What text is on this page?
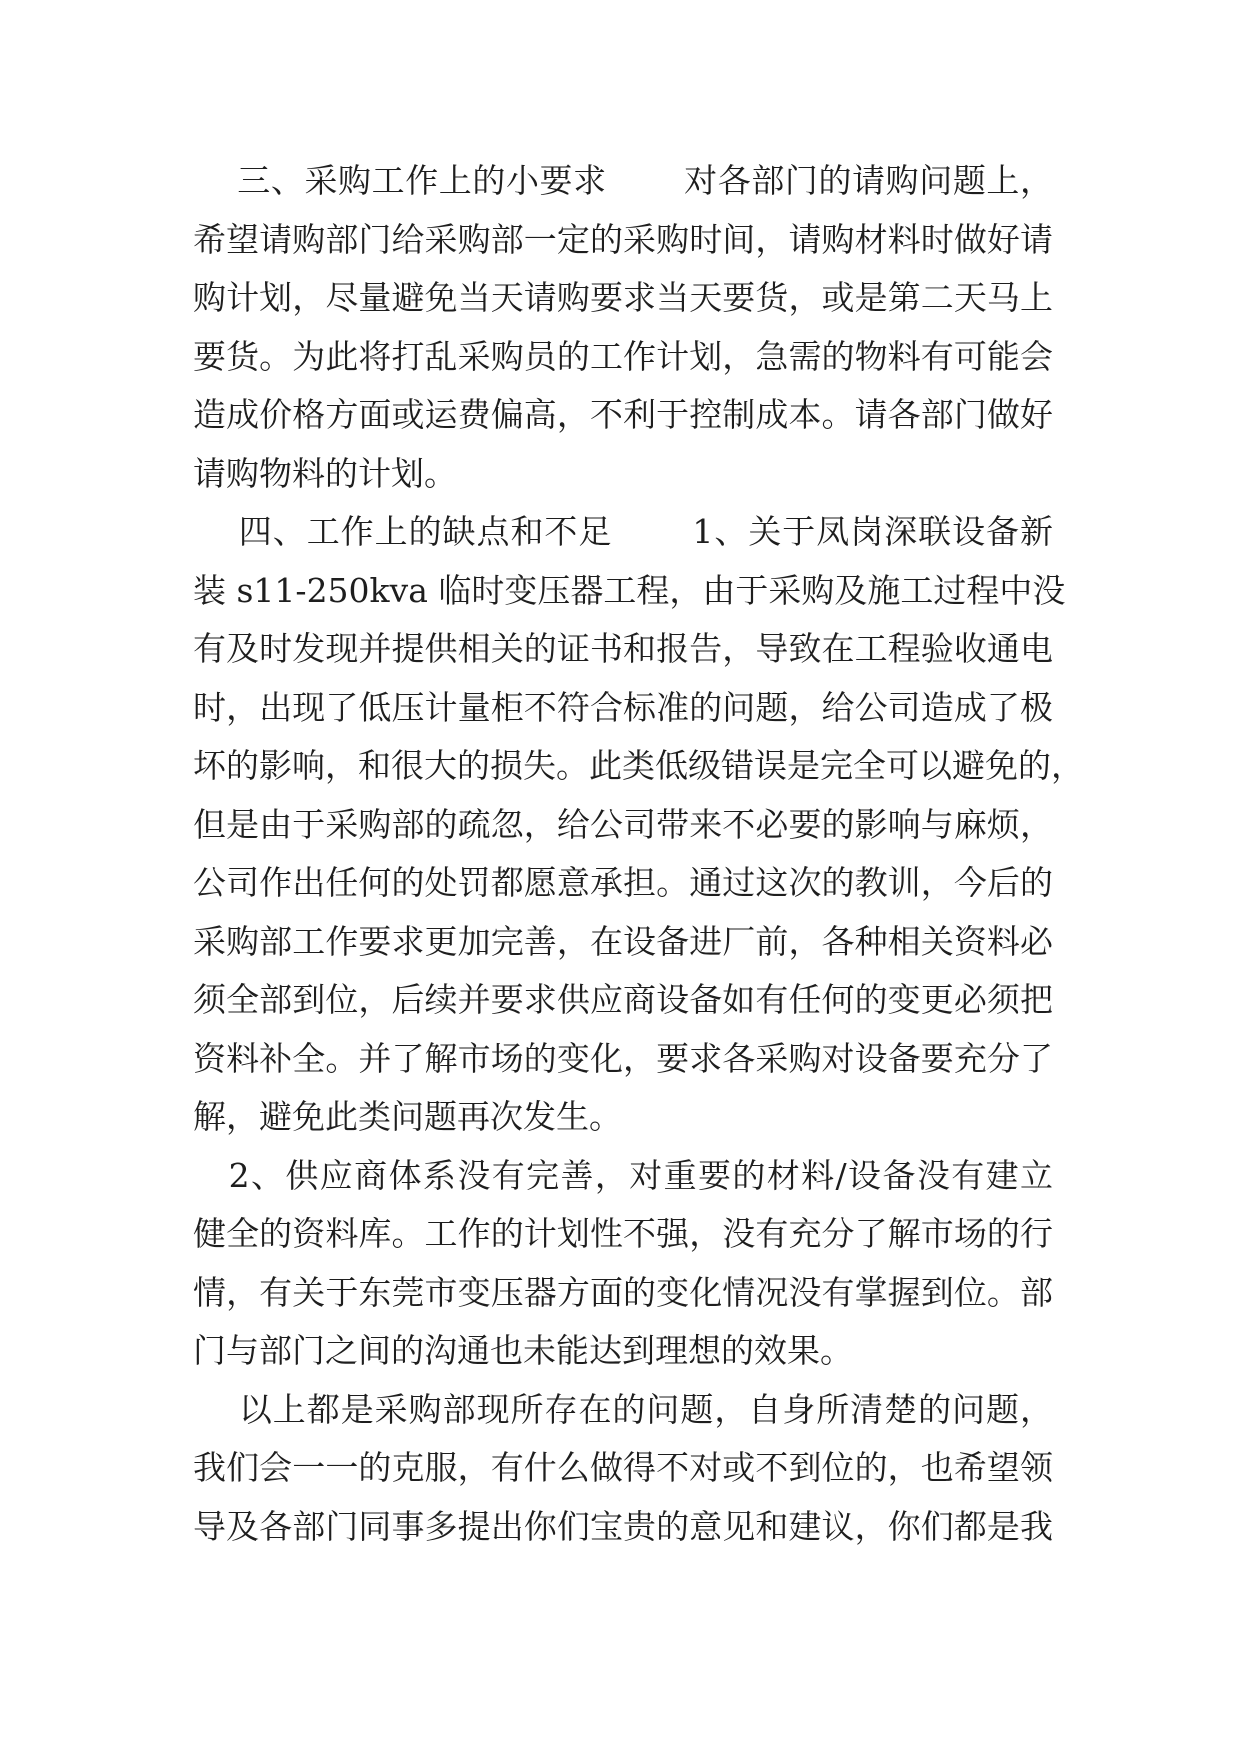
三、采购工作上的小要求       对各部门的请购问题上，
希望请购部门给采购部一定的采购时间，请购材料时做好请
购计划，尽量避免当天请购要求当天要货，或是第二天马上
要货。为此将打乱采购员的工作计划，急需的物料有可能会
造成价格方面或运费偏高，不利于控制成本。请各部门做好
请购物料的计划。
四、工作上的缺点和不足       1、关于凤岗深联设备新
装 s11-250kva 临时变压器工程，由于采购及施工过程中没
有及时发现并提供相关的证书和报告，导致在工程验收通电
时，出现了低压计量柜不符合标准的问题，给公司造成了极
坏的影响，和很大的损失。此类低级错误是完全可以避免的，
但是由于采购部的疏忽，给公司带来不必要的影响与麻烦，
公司作出任何的处罚都愿意承担。通过这次的教训，今后的
采购部工作要求更加完善，在设备进厂前，各种相关资料必
须全部到位，后续并要求供应商设备如有任何的变更必须把
资料补全。并了解市场的变化，要求各采购对设备要充分了
解，避免此类问题再次发生。
2、供应商体系没有完善，对重要的材料/设备没有建立
健全的资料库。工作的计划性不强，没有充分了解市场的行
情，有关于东莞市变压器方面的变化情况没有掌握到位。部
门与部门之间的沟通也未能达到理想的效果。
以上都是采购部现所存在的问题，自身所清楚的问题，
我们会一一的克服，有什么做得不对或不到位的，也希望领
导及各部门同事多提出你们宝贵的意见和建议，你们都是我
